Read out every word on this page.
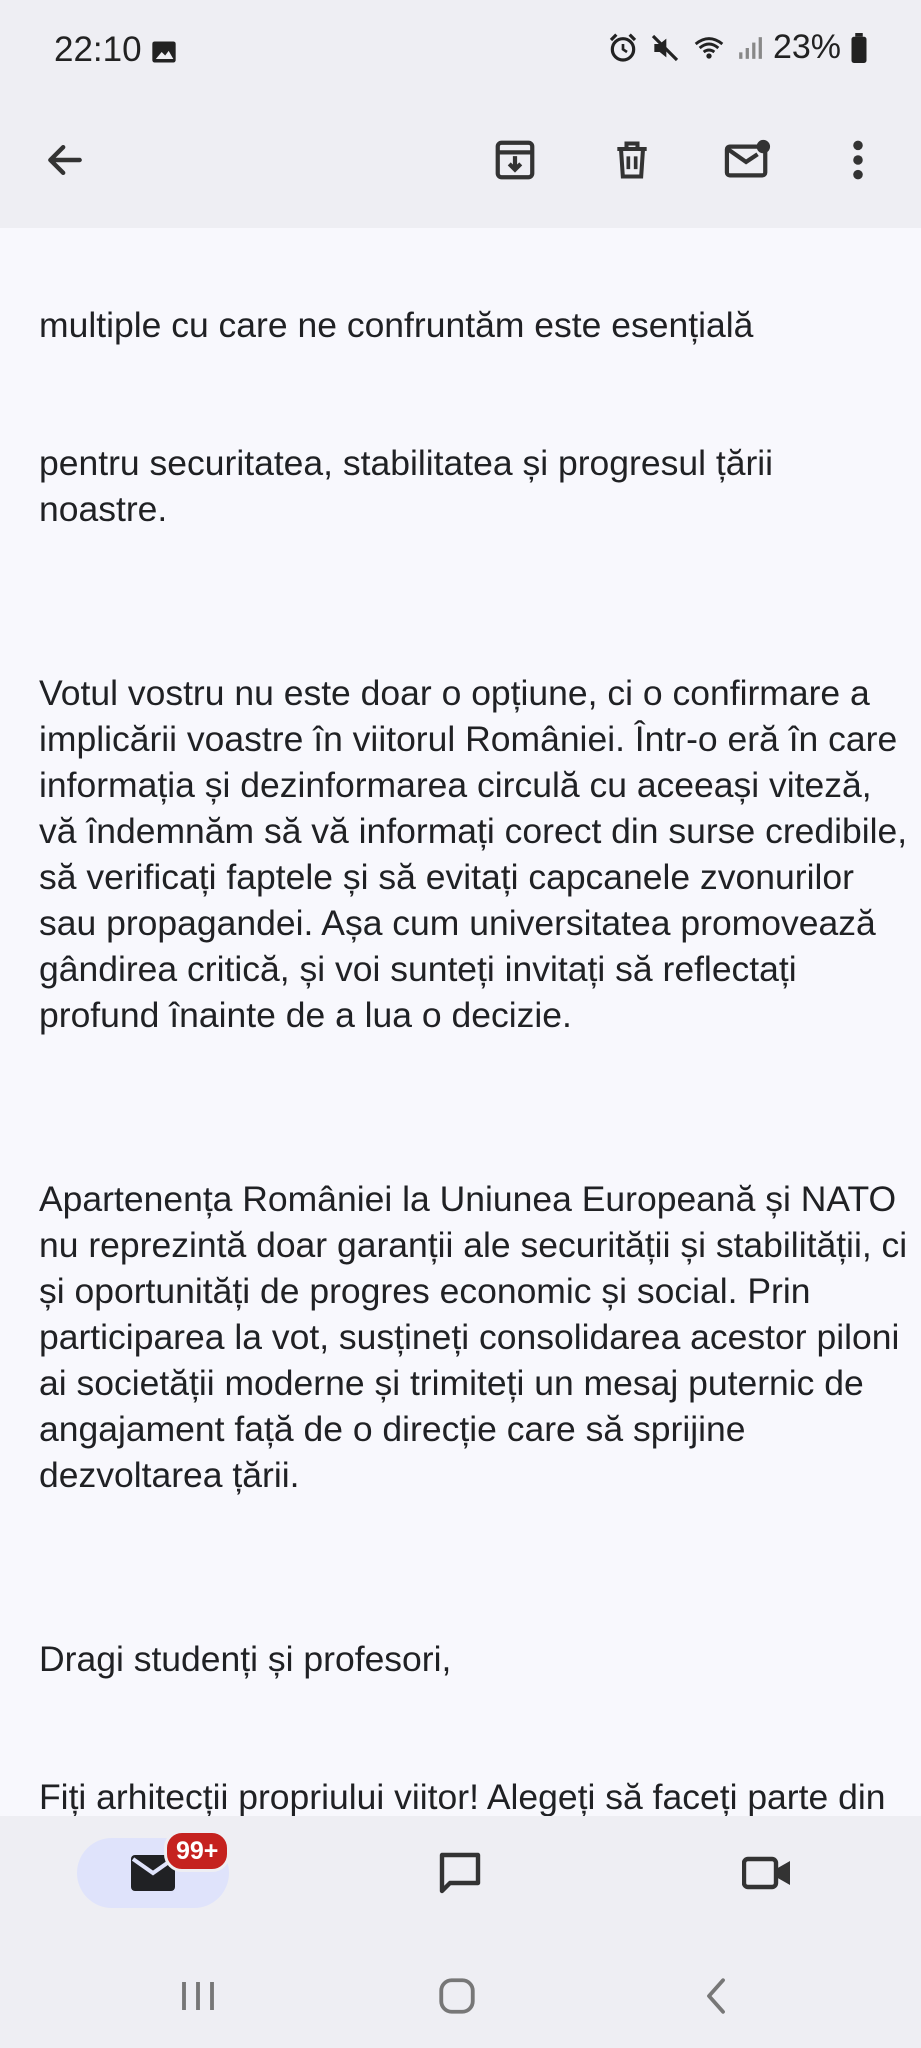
22:10	23%

multiple cu care ne confruntăm este esențială

pentru securitatea, stabilitatea și progresul țării noastre.

Votul vostru nu este doar o opțiune, ci o confirmare a implicării voastre în viitorul României. Într-o eră în care informația și dezinformarea circulă cu aceeași viteză, vă îndemnăm să vă informați corect din surse credibile, să verificați faptele și să evitați capcanele zvonurilor sau propagandei. Așa cum universitatea promovează gândirea critică, și voi sunteți invitați să reflectați profund înainte de a lua o decizie.

Apartenența României la Uniunea Europeană și NATO nu reprezintă doar garanții ale securității și stabilității, ci și oportunități de progres economic și social. Prin participarea la vot, susțineți consolidarea acestor piloni ai societății moderne și trimiteți un mesaj puternic de angajament față de o direcție care să sprijine dezvoltarea țării.

Dragi studenți și profesori,

Fiți arhitecții propriului viitor! Alegeți să faceți parte din

99+
